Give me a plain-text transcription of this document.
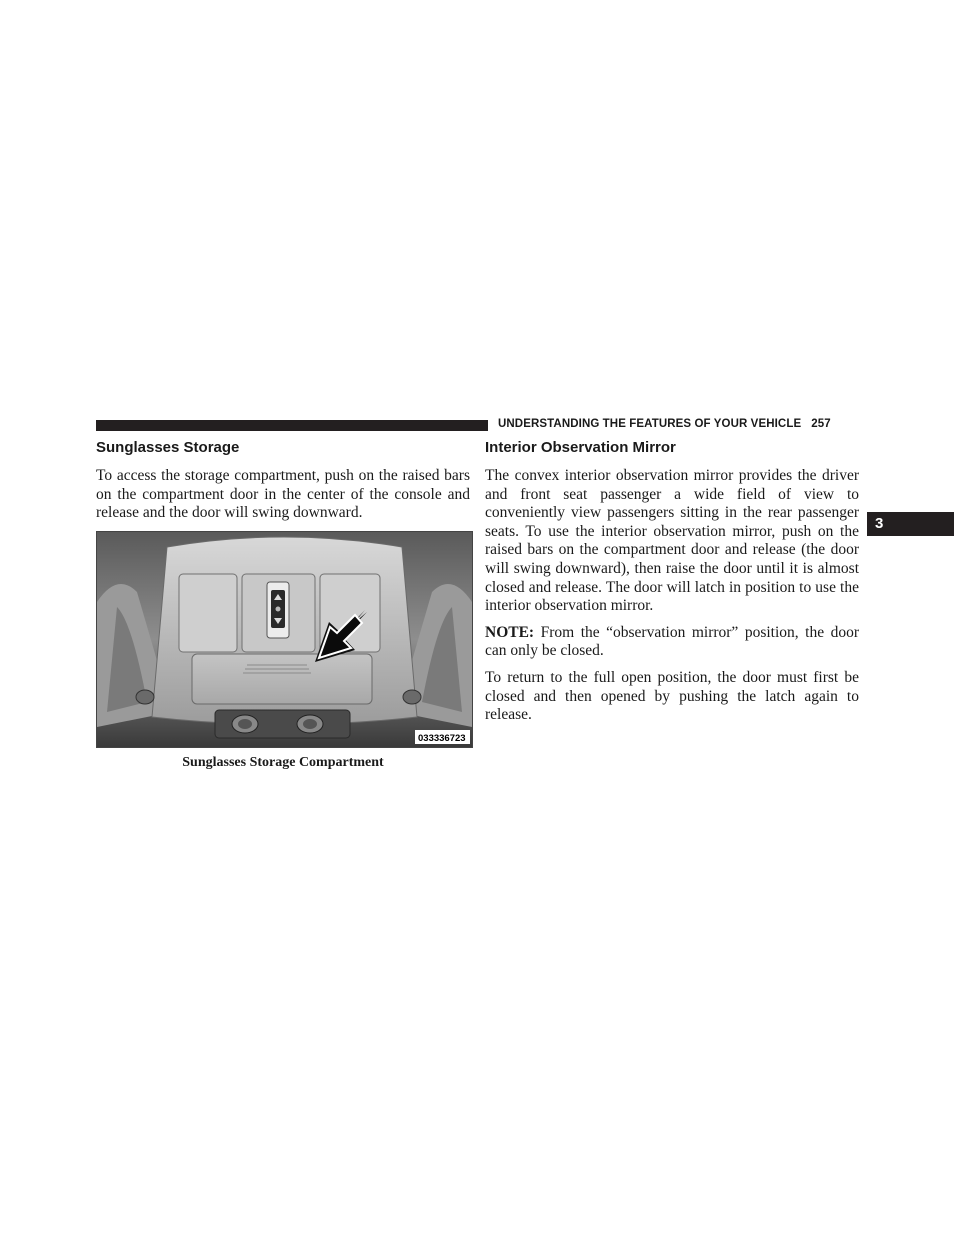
UNDERSTANDING THE FEATURES OF YOUR VEHICLE 257
3
Sunglasses Storage

To access the storage compartment, push on the raised bars on the compartment door in the center of the console and release and the door will swing downward.

033336723
Sunglasses Storage Compartment
Interior Observation Mirror

The convex interior observation mirror provides the driver and front seat passenger a wide field of view to conveniently view passengers sitting in the rear passenger seats. To use the interior observation mirror, push on the raised bars on the compartment door and release (the door will swing downward), then raise the door until it is almost closed and release. The door will latch in position to use the interior observation mirror.

NOTE: From the “observation mirror” position, the door can only be closed.

To return to the full open position, the door must first be closed and then opened by pushing the latch again to release.
